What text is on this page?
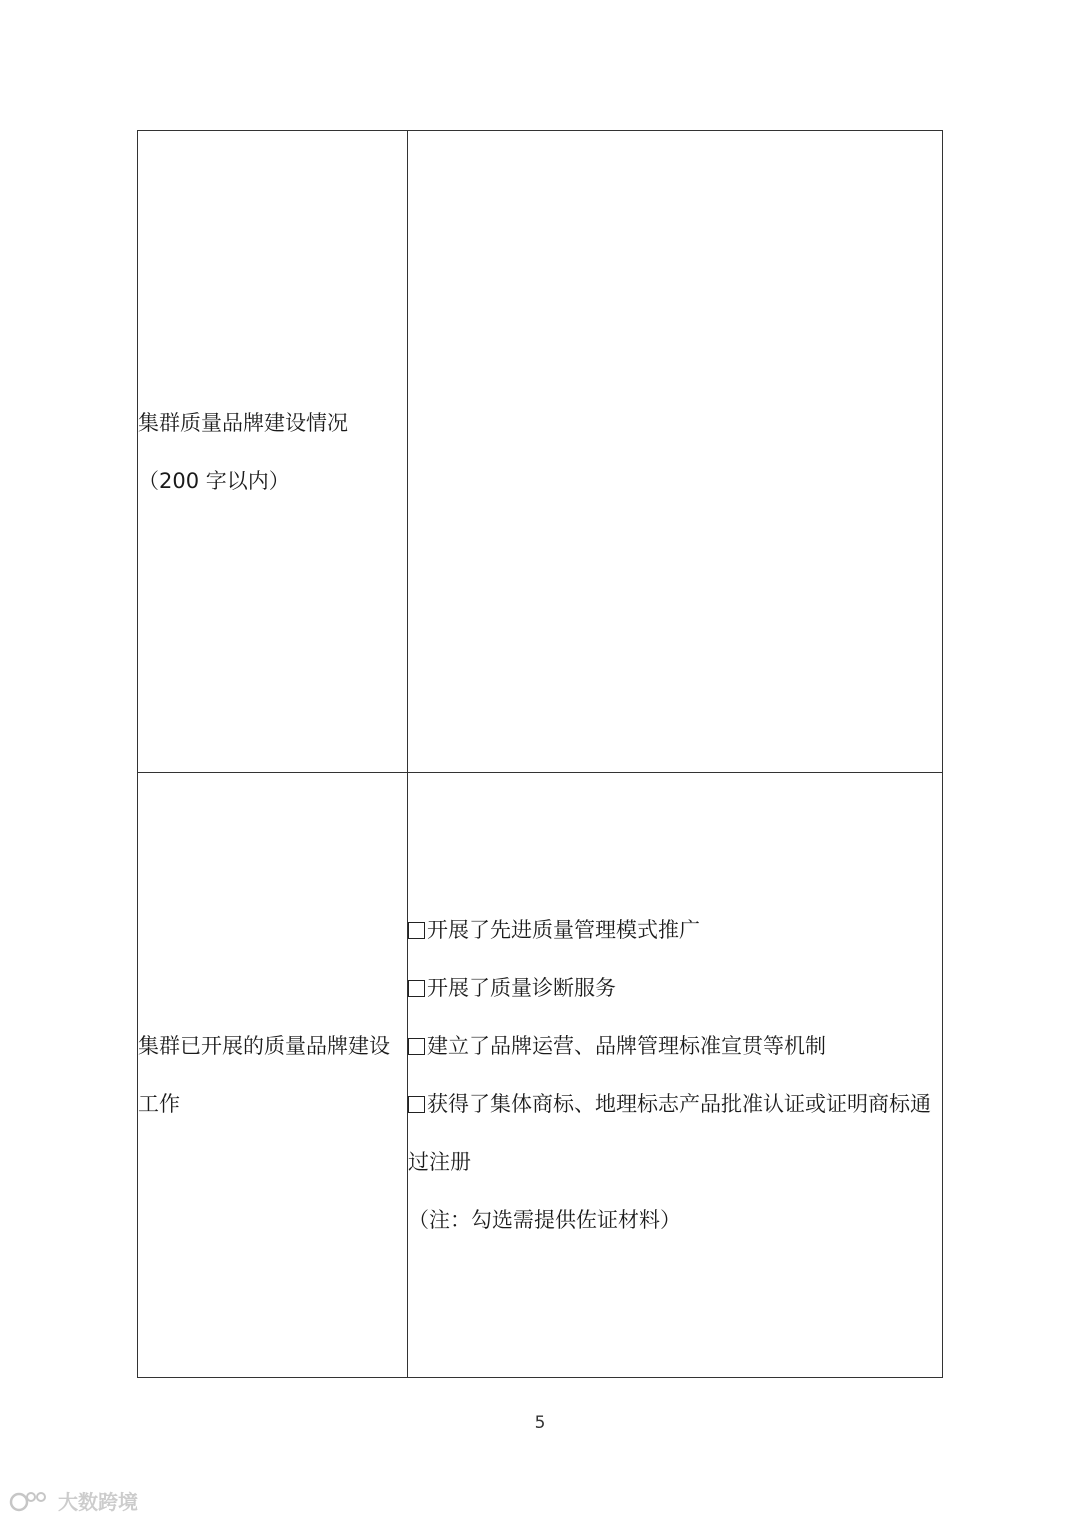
集群质量品牌建设情况
（200 字以内）	

集群已开展的质量品牌建设
工作	开展了先进质量管理模式推广
开展了质量诊断服务
建立了品牌运营、品牌管理标准宣贯等机制
获得了集体商标、地理标志产品批准认证或证明商标通过注册
（注：勾选需提供佐证材料）
5
大数跨境
